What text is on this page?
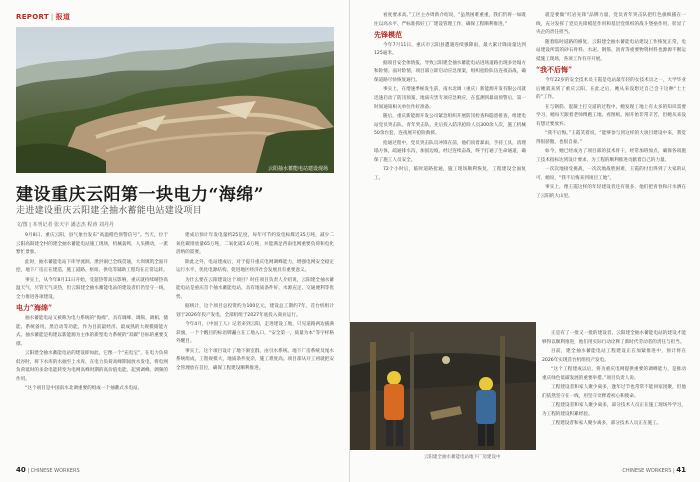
REPORT | 报道
云阳抽水蓄能电站建设现场
建设重庆云阳第一块电力“海绵”
走进建设重庆云阳建全抽水蓄能电站建设项目
文/图 | 本刊记者 张天宇 潘志杰 程涛 刘丹丹

9月8日，重庆云阳，县气象台发布“高温橙色预警信号”。当天，位于云阳高阳建全村的建全抽水蓄能电站施工现场，机械轰鸣，人头攒动，一派繁忙景象。

此时，抽水蓄能电站下库导流洞、泄洪洞已全线贯通，大坝填筑全面开挖，地下厂房正在建造，施工道路、枢纽、供电等辅助工程均在正常运转。

事实上，从今年8月11日开始，受超热带高压影响，重庆就持续晴热高温天气，尽管天气炎热，但云阳建全抽水蓄能电站的建设者们仍坚守一线，全力推进各项建设。

电力“海绵”

抽水蓄能电站又被称为电力系统的“海绵”，具有调峰、调频、调相、储能、系统备用、黑启动等功能，作为目前最经济、最成熟的大规模储能方式。抽水蓄能是构建以新能源为主体的新型电力系统的“双碳”目标的重要支撑。

云阳建全抽水蓄能电站的建设即如此，它像一个“充电宝”，在电力负荷低谷时，将下水库的水抽至上水库，在电力负荷高峰期间放水发电，将电网负荷低时的多余电能转变为电网高峰时期的高价值电能，起到调峰、调频的作用。

“这个项目是中国南水北调重要的组成一个抽蓄式水电站。

建成后预计年发电量约25亿度，每年可节约发电标煤近35万吨，减少二氧化碳排放量65万吨，二氧化硫1.6万吨，并能满足西南电网重要负荷和电化消纳的需要。

除此之外，电站建成后，对于提升重庆电网调峰能力，增强电网安全稳定运行水平，优化电源结构，促进地区经济社会发展具有重要意义。

为什么要在云阳建设这个项目？时任项目负责人介绍说，云阳建全抽水蓄能电站是重庆首个抽水蓄能电站，具有地质条件好、水源充足、交通便利等优势。

据统计，这个项目总投资约为100亿元，建设总工期约7年，首台机组计划于2026年投产发电，全部机组于2027年底投入商业运行。

今年4月，《中国工人》记者来到云阳，走进建设工地，只见道路两边插满彩旗，一个个醒目的标语牌矗立在工地入口，“安全第一，质量为本“等字样格外醒目。

事实上，这个项目设计了地下洞室群，由引水系统、地下厂房系统及尾水系统组成，工程规模大，地质条件复杂，施工难度高。项目部从开工初就把安全管理放在首位，确保工程建设顺利推进。

40 | CHINESE WORKERS

看度要求高。”工区主办周新介绍说，“虽然困难重重，我们仍将一如既往以高水平、严标准抓好工厂建设管理工作，确保工程顺利推进。”

先锋模范

今年7月11日，重庆市云阳县遭遇连续强降雨，最大累计降雨量达到125毫米。

据项目安全体情报，导致云阳建全抽水蓄能电站进场道路出现多处塌方和险情。面对险情，项目部立即启动应急预案，组织抢险队伍连夜奋战，确保道路尽快恢复通行。

事实上，在增速季候发生前，南水北调（重庆）新能源开发有限公司就迅速启动了防汛预案，地质灾害专项应急响应，在监测到暴雨预警后，第一时间通知相关单位作好准备。

随后，重庆新能源开发公司紧急组织开展防汛检查和隐患排查，组建电站党员突击队，青年突击队，先后投入防汛抢险人员300余人次，施工机械50余台套，连夜展开抢险救援。

抢通过程中，党员突击队员冲锋在前，他们顶着暴雨，手持工具，清理塌方体，疏通排水沟，加固边坡，经过连续奋战，终于打通了生命通道，确保了施工人员安全。

72个小时后，临时道路抢通，施工现场顺利恢复，工程建设全面复工。

就是要做“红岩先锋”品牌力量，党员青年突击队把红色旗帜插在一线，充分发挥了党员先锋模范作用和基层党组织的战斗堡垒作用，彰显了央企的责任担当。

随着临时道路的修复，云阳建全抽水蓄能电站建设工作恢复正常，电站建设所需的砂石骨料、水泥、钢筋、沥青等重要物资材料也源源不断运抵施工现场，各项工作有序开展。

“我不后悔”

今年22岁的安全技术员王霞是电站最年轻的女技术员之一，大学毕业后她就来到了重庆云阳，在此之后，她从来没想过自己会干这种“土土的”工作。

在与钢筋、混凝土打交道的过程中，她发现工地上有太多的知识需要学习，她每天跟着老师傅跑工地、看图纸，刚开始非常辛苦，但她从来没有想过要放弃。

“我不后悔。”王霞笑着说，“能够参与到这样的大项目建设中来，我觉得很骄傲，也很自豪。”

如今，她已经成为了项目部的技术骨干，经常加班加点，确保各项施工技术指标达到设计要求，为工程的顺利推进贡献着自己的力量。

一次次地接受挑战，一次次地战胜困难，王霞的付出得到了大家的认可，她说，“我不后悔来到项目工地”。

事实上，像王霞这样的年轻建设者还有很多，他们把青春和汗水洒在了云阳的大山里。

正是有了一批又一批的建设者，云阳建全抽水蓄能电站的建设才能够得以顺利推进，他们用实际行动诠释了新时代劳动者的责任与担当。

目前，建全抽水蓄能电站工程建设正在加紧推进中，预计将在2026年实现首台机组投产发电。

“这个工程建成以后，将为重庆电网提供重要的调峰能力，是推动重庆绿色低碳发展的重要举措。”项目负责人说。

工程建设者和家人聚少离多，逢年过节也常常不能回家团聚，但他们依然坚守在一线，用坚守诠释着初心和使命。

工程建设者和家人聚少离多，部分技术人员正在施工现场外学习，为工程的建设积累经验。

工程建设者和家人聚少离多，部分技术人员正在施工。

CHINESE WORKERS | 41
云阳建全抽水蓄能电站地下厂房建设中
